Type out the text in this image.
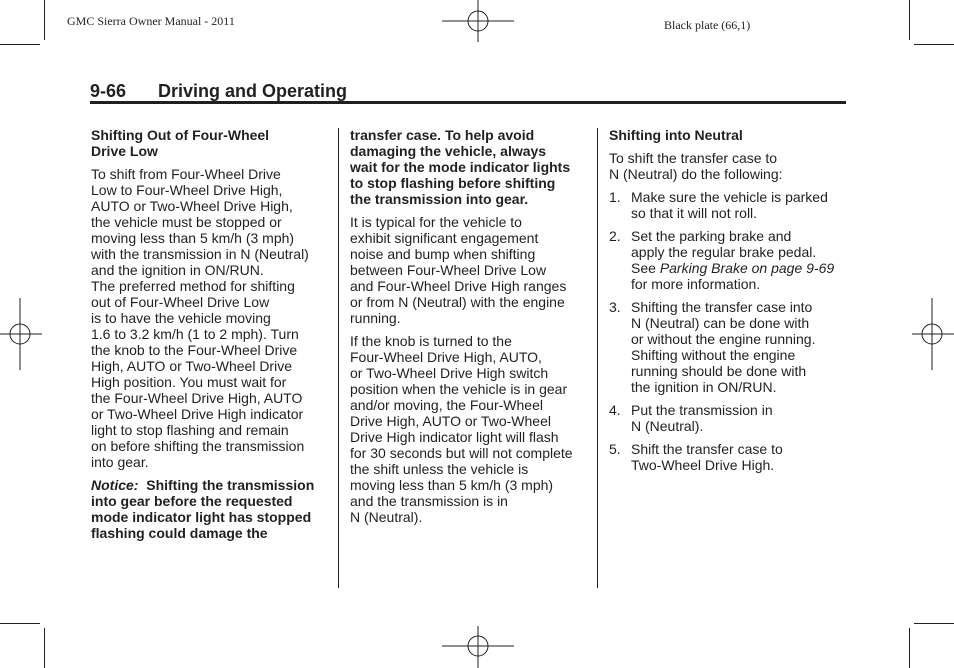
GMC Sierra Owner Manual - 2011	Black plate (66,1)
9-66 Driving and Operating

Shifting Out of Four-Wheel
Drive Low

To shift from Four-Wheel Drive
Low to Four-Wheel Drive High,
AUTO or Two-Wheel Drive High,
the vehicle must be stopped or
moving less than 5 km/h (3 mph)
with the transmission in N (Neutral)
and the ignition in ON/RUN.
The preferred method for shifting
out of Four-Wheel Drive Low
is to have the vehicle moving
1.6 to 3.2 km/h (1 to 2 mph). Turn
the knob to the Four-Wheel Drive
High, AUTO or Two-Wheel Drive
High position. You must wait for
the Four-Wheel Drive High, AUTO
or Two-Wheel Drive High indicator
light to stop flashing and remain
on before shifting the transmission
into gear.

Notice: Shifting the transmission
into gear before the requested
mode indicator light has stopped
flashing could damage the

transfer case. To help avoid
damaging the vehicle, always
wait for the mode indicator lights
to stop flashing before shifting
the transmission into gear.

It is typical for the vehicle to
exhibit significant engagement
noise and bump when shifting
between Four-Wheel Drive Low
and Four-Wheel Drive High ranges
or from N (Neutral) with the engine
running.

If the knob is turned to the
Four-Wheel Drive High, AUTO,
or Two-Wheel Drive High switch
position when the vehicle is in gear
and/or moving, the Four-Wheel
Drive High, AUTO or Two-Wheel
Drive High indicator light will flash
for 30 seconds but will not complete
the shift unless the vehicle is
moving less than 5 km/h (3 mph)
and the transmission is in
N (Neutral).

Shifting into Neutral

To shift the transfer case to
N (Neutral) do the following:

1. Make sure the vehicle is parked
so that it will not roll.
2. Set the parking brake and
apply the regular brake pedal.
See Parking Brake on page 9-69
for more information.
3. Shifting the transfer case into
N (Neutral) can be done with
or without the engine running.
Shifting without the engine
running should be done with
the ignition in ON/RUN.
4. Put the transmission in
N (Neutral).
5. Shift the transfer case to
Two-Wheel Drive High.
